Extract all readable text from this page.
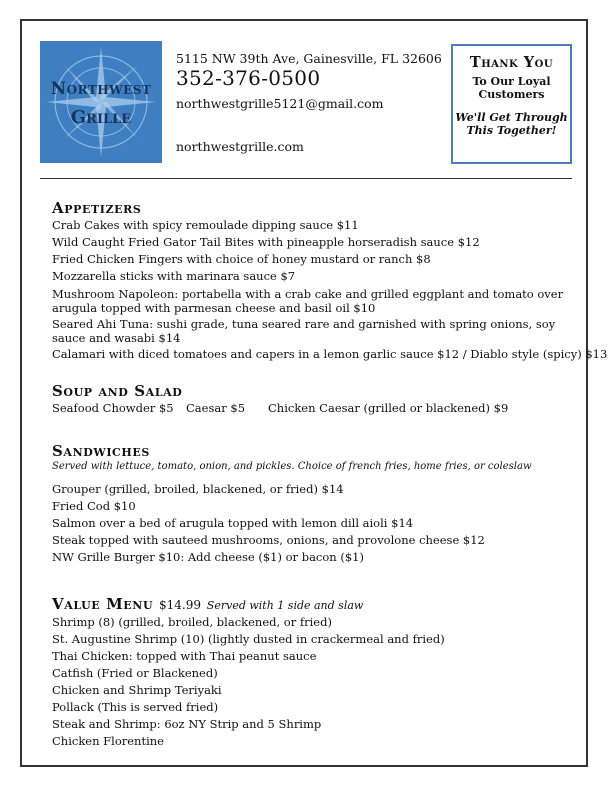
Northwest
Grille
5115 NW 39th Ave, Gainesville, FL 32606
352-376-0500
northwestgrille5121@gmail.com
northwestgrille.com
Thank You
To Our Loyal Customers
We'll Get Through This Together!
Appetizers
Crab Cakes with spicy remoulade dipping sauce $11
Wild Caught Fried Gator Tail Bites with pineapple horseradish sauce $12
Fried Chicken Fingers with choice of honey mustard or ranch $8
Mozzarella sticks with marinara sauce $7
Mushroom Napoleon: portabella with a crab cake and grilled eggplant and tomato over arugula topped with parmesan cheese and basil oil $10
Seared Ahi Tuna: sushi grade, tuna seared rare and garnished with spring onions, soy sauce and wasabi $14
Calamari with diced tomatoes and capers in a lemon garlic sauce $12 / Diablo style (spicy) $13
Soup and Salad
Seafood Chowder $5 Caesar $5 Chicken Caesar (grilled or blackened) $9
Sandwiches
Served with lettuce, tomato, onion, and pickles. Choice of french fries, home fries, or coleslaw
Grouper (grilled, broiled, blackened, or fried) $14
Fried Cod $10
Salmon over a bed of arugula topped with lemon dill aioli $14
Steak topped with sauteed mushrooms, onions, and provolone cheese $12
NW Grille Burger $10: Add cheese ($1) or bacon ($1)
Value Menu $14.99 Served with 1 side and slaw
Shrimp (8) (grilled, broiled, blackened, or fried)
St. Augustine Shrimp (10) (lightly dusted in crackermeal and fried)
Thai Chicken: topped with Thai peanut sauce
Catfish (Fried or Blackened)
Chicken and Shrimp Teriyaki
Pollack (This is served fried)
Steak and Shrimp: 6oz NY Strip and 5 Shrimp
Chicken Florentine
